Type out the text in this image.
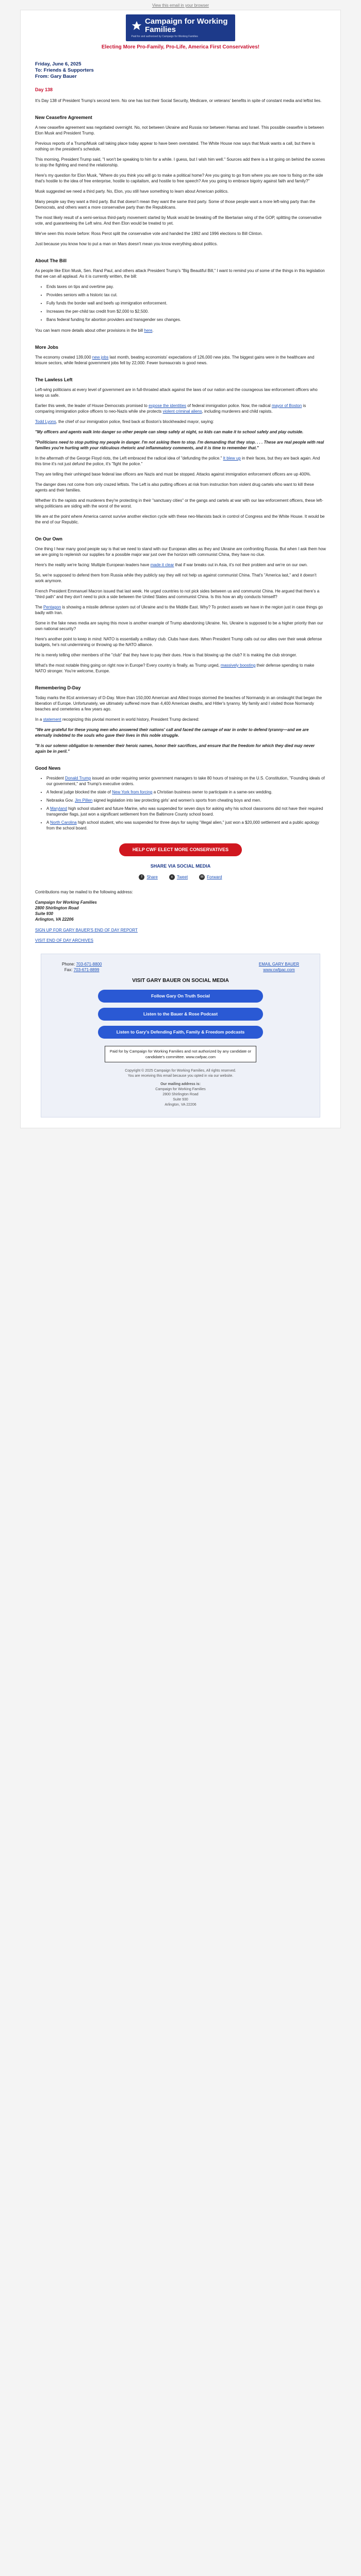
View this email in your browser
Campaign for Working
Families
Paid for and authorized by Campaign for Working Families
Electing More Pro-Family, Pro-Life, America First Conservatives!
Friday, June 6, 2025
To: Friends & Supporters
From: Gary Bauer
Day 138

It's Day 138 of President Trump's second term. No one has lost their Social Security, Medicare, or veterans' benefits in spite of constant media and leftist lies.

New Ceasefire Agreement

A new ceasefire agreement was negotiated overnight. No, not between Ukraine and Russia nor between Hamas and Israel. This possible ceasefire is between Elon Musk and President Trump.

Previous reports of a Trump/Musk call taking place today appear to have been overstated. The White House now says that Musk wants a call, but there is nothing on the president's schedule.

This morning, President Trump said, "I won't be speaking to him for a while. I guess, but I wish him well." Sources add there is a lot going on behind the scenes to stop the fighting and mend the relationship.

Here's my question for Elon Musk, "Where do you think you will go to make a political home? Are you going to go from where you are now to fixing on the side that's hostile to the idea of free enterprise, hostile to capitalism, and hostile to free speech? Are you going to embrace bigotry against faith and family?"

Musk suggested we need a third party. No, Elon, you still have something to learn about American politics.

Many people say they want a third party. But that doesn't mean they want the same third party. Some of those people want a more left-wing party than the Democrats, and others want a more conservative party than the Republicans.

The most likely result of a semi-serious third-party movement started by Musk would be breaking off the libertarian wing of the GOP, splitting the conservative vote, and guaranteeing the Left wins. And then Elon would be treated to yet.

We've seen this movie before: Ross Perot split the conservative vote and handed the 1992 and 1996 elections to Bill Clinton.

Just because you know how to put a man on Mars doesn't mean you know everything about politics.

About The Bill

As people like Elon Musk, Sen. Rand Paul, and others attack President Trump's "Big Beautiful Bill," I want to remind you of some of the things in this legislation that we can all applaud. As it is currently written, the bill:

• Ends taxes on tips and overtime pay.
• Provides seniors with a historic tax cut.
• Fully funds the border wall and beefs up immigration enforcement.
• Increases the per-child tax credit from $2,000 to $2,500.
• Bans federal funding for abortion providers and transgender sex changes.

You can learn more details about other provisions in the bill here.

More Jobs

The economy created 139,000 new jobs last month, beating economists' expectations of 126,000 new jobs. The biggest gains were in the healthcare and leisure sectors, while federal government jobs fell by 22,000. Fewer bureaucrats is good news.

The Lawless Left

Left-wing politicians at every level of government are in full-throated attack against the laws of our nation and the courageous law enforcement officers who keep us safe.

Earlier this week, the leader of House Democrats promised to expose the identities of federal immigration police. Now, the radical mayor of Boston is comparing immigration police officers to neo-Nazis while she protects violent criminal aliens, including murderers and child rapists.

Todd Lyons, the chief of our immigration police, fired back at Boston's blockheaded mayor, saying:

"My officers and agents walk into danger so other people can sleep safely at night, so kids can make it to school safely and play outside.
"Politicians need to stop putting my people in danger. I'm not asking them to stop. I'm demanding that they stop. . . . These are real people with real families you're hurting with your ridiculous rhetoric and inflammatory comments, and it is time to remember that."

In the aftermath of the George Floyd riots, the Left embraced the radical idea of "defunding the police." It blew up in their faces, but they are back again. And this time it's not just defund the police, it's "fight the police."

They are telling their unhinged base federal law officers are Nazis and must be stopped. Attacks against immigration enforcement officers are up 400%.

The danger does not come from only crazed leftists. The Left is also putting officers at risk from instruction from violent drug cartels who want to kill these agents and their families.

Whether it's the rapists and murderers they're protecting in their "sanctuary cities" or the gangs and cartels at war with our law enforcement officers, these left-wing politicians are siding with the worst of the worst.

We are at the point where America cannot survive another election cycle with these neo-Marxists back in control of Congress and the White House. It would be the end of our Republic.

On Our Own

One thing I hear many good people say is that we need to stand with our European allies as they and Ukraine are confronting Russia. But when I ask them how we are going to replenish our supplies for a possible major war just over the horizon with communist China, they have no clue.

Here's the reality we're facing: Multiple European leaders have made it clear that if war breaks out in Asia, it's not their problem and we're on our own.

So, we're supposed to defend them from Russia while they publicly say they will not help us against communist China. That's "America last," and it doesn't work anymore.

French President Emmanuel Macron issued that last week. He urged countries to not pick sides between us and communist China. He argued that there's a "third path" and they don't need to pick a side between the United States and communist China. Is this how an ally conducts himself?

The Pentagon is showing a missile defense system out of Ukraine and to the Middle East. Why? To protect assets we have in the region just in case things go badly with Iran.

Some in the fake news media are saying this move is another example of Trump abandoning Ukraine. No, Ukraine is supposed to be a higher priority than our own national security?

Here's another point to keep in mind: NATO is essentially a military club. Clubs have dues. When President Trump calls out our allies over their weak defense budgets, he's not undermining or throwing up the NATO alliance.

He is merely telling other members of the "club" that they have to pay their dues. How is that blowing up the club? It is making the club stronger.

What's the most notable thing going on right now in Europe? Every country is finally, as Trump urged, massively boosting their defense spending to make NATO stronger. You're welcome, Europe.

Remembering D-Day

Today marks the 81st anniversary of D-Day. More than 150,000 American and Allied troops stormed the beaches of Normandy in an onslaught that began the liberation of Europe. Unfortunately, we ultimately suffered more than 4,400 American deaths, and Hitler's tyranny. My family and I visited those Normandy beaches and cemeteries a few years ago.

In a statement recognizing this pivotal moment in world history, President Trump declared:

"We are grateful for these young men who answered their nations' call and faced the carnage of war in order to defend tyranny—and we are eternally indebted to the souls who gave their lives in this noble struggle.
"It is our solemn obligation to remember their heroic names, honor their sacrifices, and ensure that the freedom for which they died may never again be in peril."
Good News
• President Donald Trump issued an order requiring senior government managers to take 80 hours of training on the U.S. Constitution, "Founding ideals of our government," and Trump's executive orders.
• A federal judge blocked the state of New York from forcing a Christian business owner to participate in a same-sex wedding.
• Nebraska Gov. Jim Pillen signed legislation into law protecting girls' and women's sports from cheating boys and men.
• A Maryland high school student and future Marine, who was suspended for seven days for asking why his school classrooms did not have their required transgender flags, just won a significant settlement from the Baltimore County school board.
• A North Carolina high school student, who was suspended for three days for saying "illegal alien," just won a $20,000 settlement and a public apology from the school board.
HELP CWF ELECT MORE CONSERVATIVES
SHARE VIA SOCIAL MEDIA
f Share	x Tweet	✉ Forward

Contributions may be mailed to the following address:

Campaign for Working Families
2800 Shirlington Road
Suite 930
Arlington, VA 22206

SIGN UP FOR GARY BAUER'S END OF DAY REPORT

VISIT END OF DAY ARCHIVES

Phone: 703-671-8800
Fax: 703-671-8899
EMAIL GARY BAUER
www.cwfpac.com
VISIT GARY BAUER ON SOCIAL MEDIA
Follow Gary On Truth Social
Listen to the Bauer & Rose Podcast
Listen to Gary's Defending Faith, Family & Freedom podcasts
Paid for by Campaign for Working Families and not authorized by any candidate or candidate's committee. www.cwfpac.com
Copyright © 2025 Campaign for Working Families, All rights reserved.
You are receiving this email because you opted in via our website.
Our mailing address is:
Campaign for Working Families
2800 Shirlington Road
Suite 930
Arlington, VA 22206
